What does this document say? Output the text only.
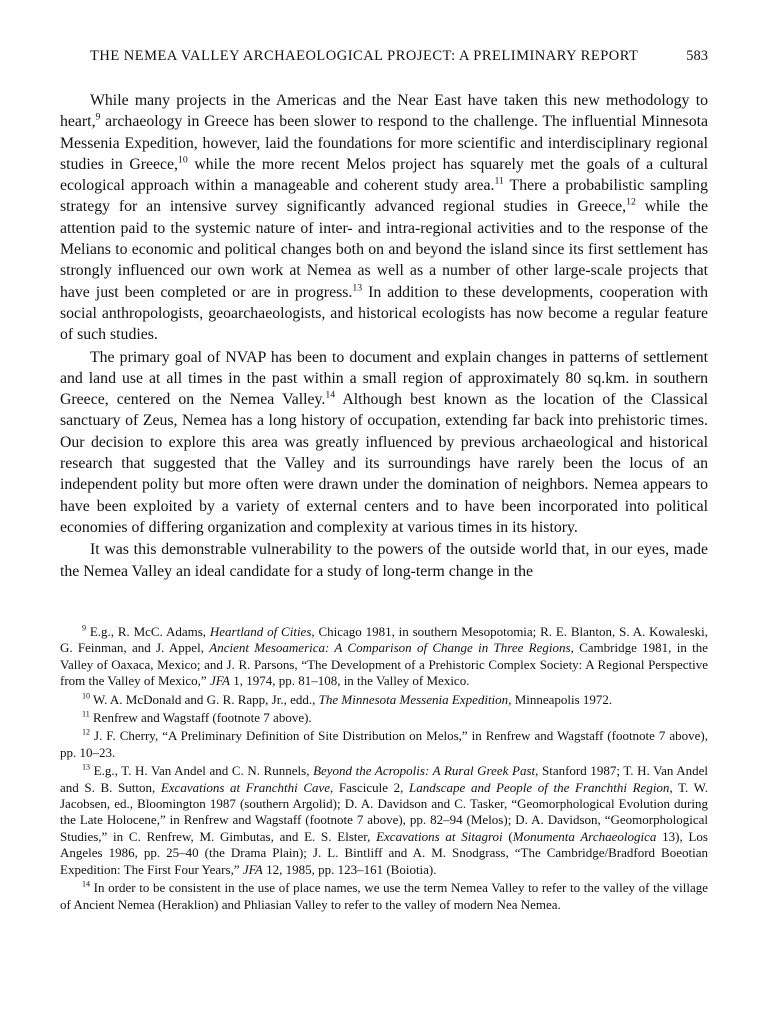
THE NEMEA VALLEY ARCHAEOLOGICAL PROJECT: A PRELIMINARY REPORT	583

While many projects in the Americas and the Near East have taken this new methodology to heart,$^9$ archaeology in Greece has been slower to respond to the challenge. The influential Minnesota Messenia Expedition, however, laid the foundations for more scientific and interdisciplinary regional studies in Greece,$^{10}$ while the more recent Melos project has squarely met the goals of a cultural ecological approach within a manageable and coherent study area.$^{11}$ There a probabilistic sampling strategy for an intensive survey significantly advanced regional studies in Greece,$^{12}$ while the attention paid to the systemic nature of inter- and intra-regional activities and to the response of the Melians to economic and political changes both on and beyond the island since its first settlement has strongly influenced our own work at Nemea as well as a number of other large-scale projects that have just been completed or are in progress.$^{13}$ In addition to these developments, cooperation with social anthropologists, geoarchaeologists, and historical ecologists has now become a regular feature of such studies.

The primary goal of NVAP has been to document and explain changes in patterns of settlement and land use at all times in the past within a small region of approximately 80 sq.km. in southern Greece, centered on the Nemea Valley.$^{14}$ Although best known as the location of the Classical sanctuary of Zeus, Nemea has a long history of occupation, extending far back into prehistoric times. Our decision to explore this area was greatly influenced by previous archaeological and historical research that suggested that the Valley and its surroundings have rarely been the locus of an independent polity but more often were drawn under the domination of neighbors. Nemea appears to have been exploited by a variety of external centers and to have been incorporated into political economies of differing organization and complexity at various times in its history.

It was this demonstrable vulnerability to the powers of the outside world that, in our eyes, made the Nemea Valley an ideal candidate for a study of long-term change in the

$^9$ E.g., R. McC. Adams, Heartland of Cities, Chicago 1981, in southern Mesopotomia; R. E. Blanton, S. A. Kowaleski, G. Feinman, and J. Appel, Ancient Mesoamerica: A Comparison of Change in Three Regions, Cambridge 1981, in the Valley of Oaxaca, Mexico; and J. R. Parsons, “The Development of a Prehistoric Complex Society: A Regional Perspective from the Valley of Mexico,” JFA 1, 1974, pp. 81–108, in the Valley of Mexico.

$^{10}$ W. A. McDonald and G. R. Rapp, Jr., edd., The Minnesota Messenia Expedition, Minneapolis 1972.

$^{11}$ Renfrew and Wagstaff (footnote 7 above).

$^{12}$ J. F. Cherry, “A Preliminary Definition of Site Distribution on Melos,” in Renfrew and Wagstaff (footnote 7 above), pp. 10–23.

$^{13}$ E.g., T. H. Van Andel and C. N. Runnels, Beyond the Acropolis: A Rural Greek Past, Stanford 1987; T. H. Van Andel and S. B. Sutton, Excavations at Franchthi Cave, Fascicule 2, Landscape and People of the Franchthi Region, T. W. Jacobsen, ed., Bloomington 1987 (southern Argolid); D. A. Davidson and C. Tasker, “Geomorphological Evolution during the Late Holocene,” in Renfrew and Wagstaff (footnote 7 above), pp. 82–94 (Melos); D. A. Davidson, “Geomorphological Studies,” in C. Renfrew, M. Gimbutas, and E. S. Elster, Excavations at Sitagroi (Monumenta Archaeologica 13), Los Angeles 1986, pp. 25–40 (the Drama Plain); J. L. Bintliff and A. M. Snodgrass, “The Cambridge/Bradford Boeotian Expedition: The First Four Years,” JFA 12, 1985, pp. 123–161 (Boiotia).

$^{14}$ In order to be consistent in the use of place names, we use the term Nemea Valley to refer to the valley of the village of Ancient Nemea (Heraklion) and Phliasian Valley to refer to the valley of modern Nea Nemea.
